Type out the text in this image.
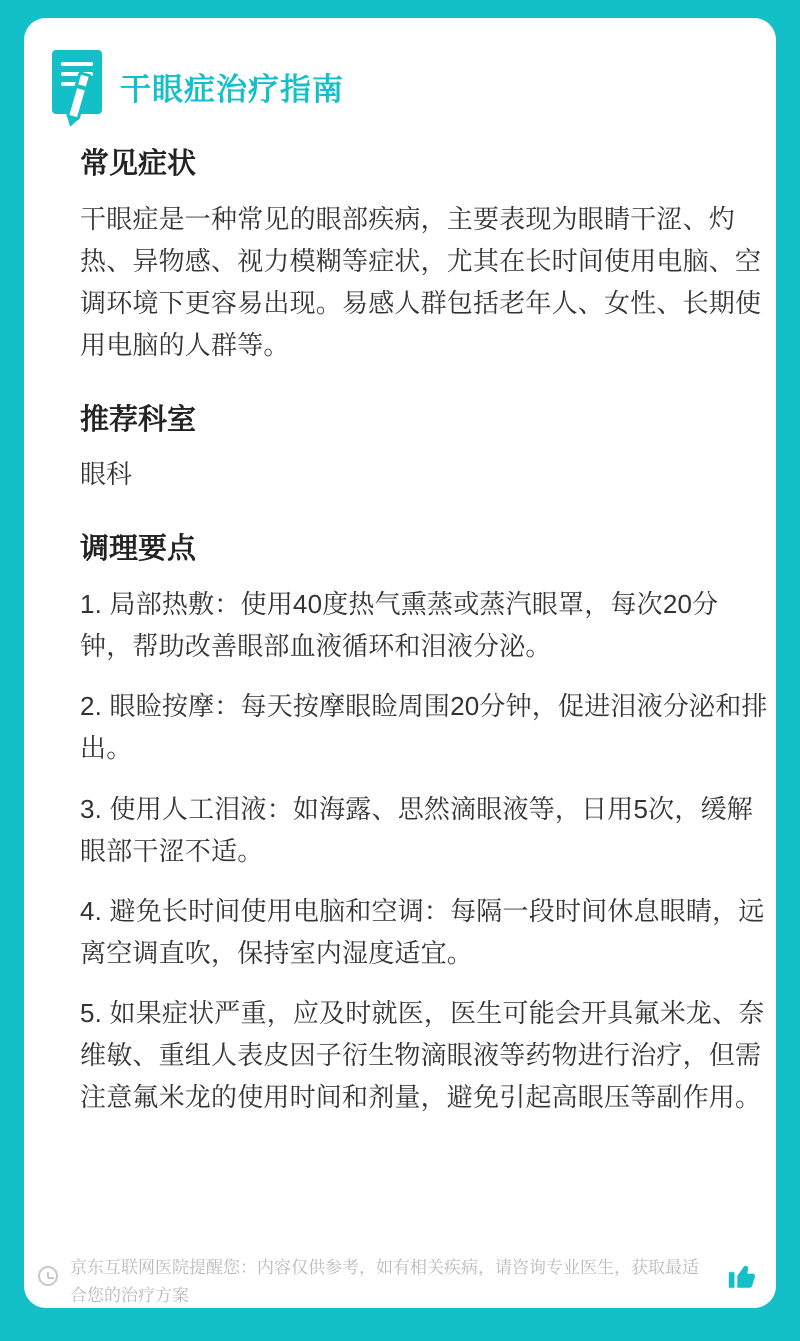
干眼症治疗指南
常见症状

干眼症是一种常见的眼部疾病，主要表现为眼睛干涩、灼热、异物感、视力模糊等症状，尤其在长时间使用电脑、空调环境下更容易出现。易感人群包括老年人、女性、长期使用电脑的人群等。

推荐科室

眼科

调理要点

1. 局部热敷：使用40度热气熏蒸或蒸汽眼罩，每次20分钟，帮助改善眼部血液循环和泪液分泌。

2. 眼睑按摩：每天按摩眼睑周围20分钟，促进泪液分泌和排出。

3. 使用人工泪液：如海露、思然滴眼液等，日用5次，缓解眼部干涩不适。

4. 避免长时间使用电脑和空调：每隔一段时间休息眼睛，远离空调直吹，保持室内湿度适宜。

5. 如果症状严重，应及时就医，医生可能会开具氟米龙、奈维敏、重组人表皮因子衍生物滴眼液等药物进行治疗，但需注意氟米龙的使用时间和剂量，避免引起高眼压等副作用。

京东互联网医院提醒您：内容仅供参考，如有相关疾病，请咨询专业医生，获取最适合您的治疗方案
